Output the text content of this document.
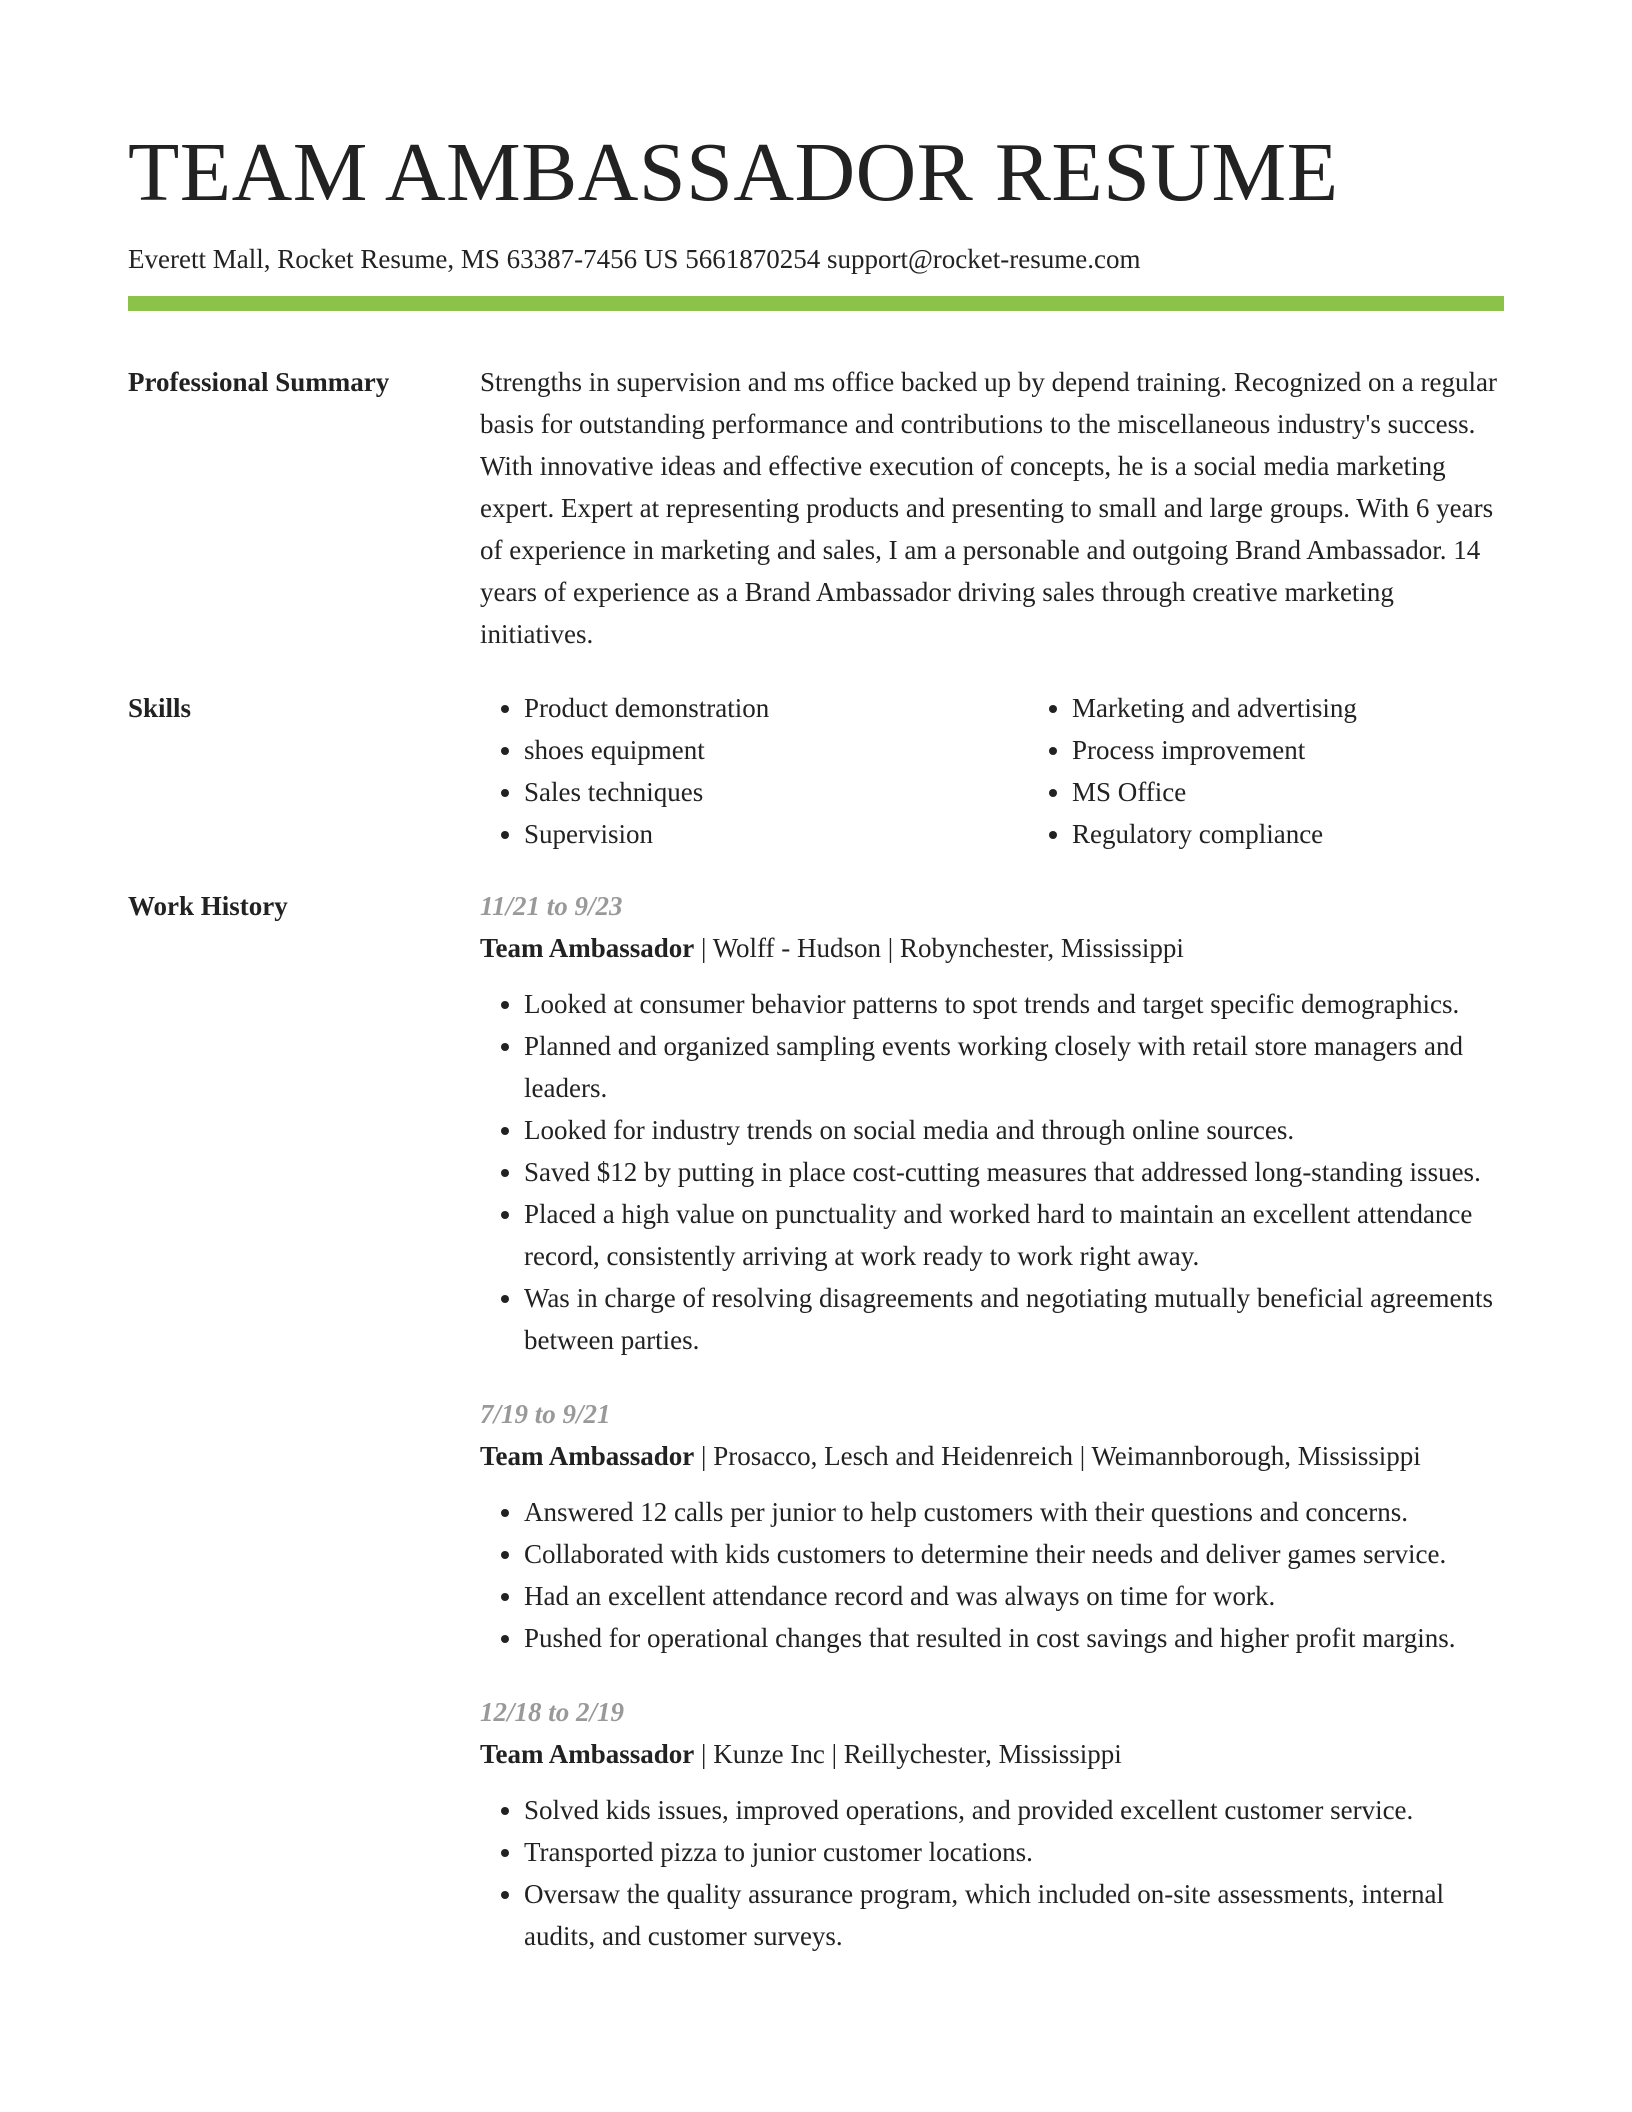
TEAM AMBASSADOR RESUME
Everett Mall, Rocket Resume, MS 63387-7456 US 5661870254 support@rocket-resume.com
Professional Summary	Strengths in supervision and ms office backed up by depend training. Recognized on a regular basis for outstanding performance and contributions to the miscellaneous industry's success. With innovative ideas and effective execution of concepts, he is a social media marketing expert. Expert at representing products and presenting to small and large groups. With 6 years of experience in marketing and sales, I am a personable and outgoing Brand Ambassador. 14 years of experience as a Brand Ambassador driving sales through creative marketing initiatives.
Skills
•	Product demonstration
• shoes equipment
• Sales techniques
• Supervision
• Marketing and advertising
• Process improvement
• MS Office
• Regulatory compliance
Work History	11/21 to 9/23
Team Ambassador | Wolff - Hudson | Robynchester, Mississippi
• Looked at consumer behavior patterns to spot trends and target specific demographics.
• Planned and organized sampling events working closely with retail store managers and leaders.
• Looked for industry trends on social media and through online sources.
• Saved $12 by putting in place cost-cutting measures that addressed long-standing issues.
• Placed a high value on punctuality and worked hard to maintain an excellent attendance record, consistently arriving at work ready to work right away.
• Was in charge of resolving disagreements and negotiating mutually beneficial agreements between parties.
7/19 to 9/21
Team Ambassador | Prosacco, Lesch and Heidenreich | Weimannborough, Mississippi
• Answered 12 calls per junior to help customers with their questions and concerns.
• Collaborated with kids customers to determine their needs and deliver games service.
• Had an excellent attendance record and was always on time for work.
• Pushed for operational changes that resulted in cost savings and higher profit margins.
12/18 to 2/19
Team Ambassador | Kunze Inc | Reillychester, Mississippi
• Solved kids issues, improved operations, and provided excellent customer service.
• Transported pizza to junior customer locations.
• Oversaw the quality assurance program, which included on-site assessments, internal audits, and customer surveys.
